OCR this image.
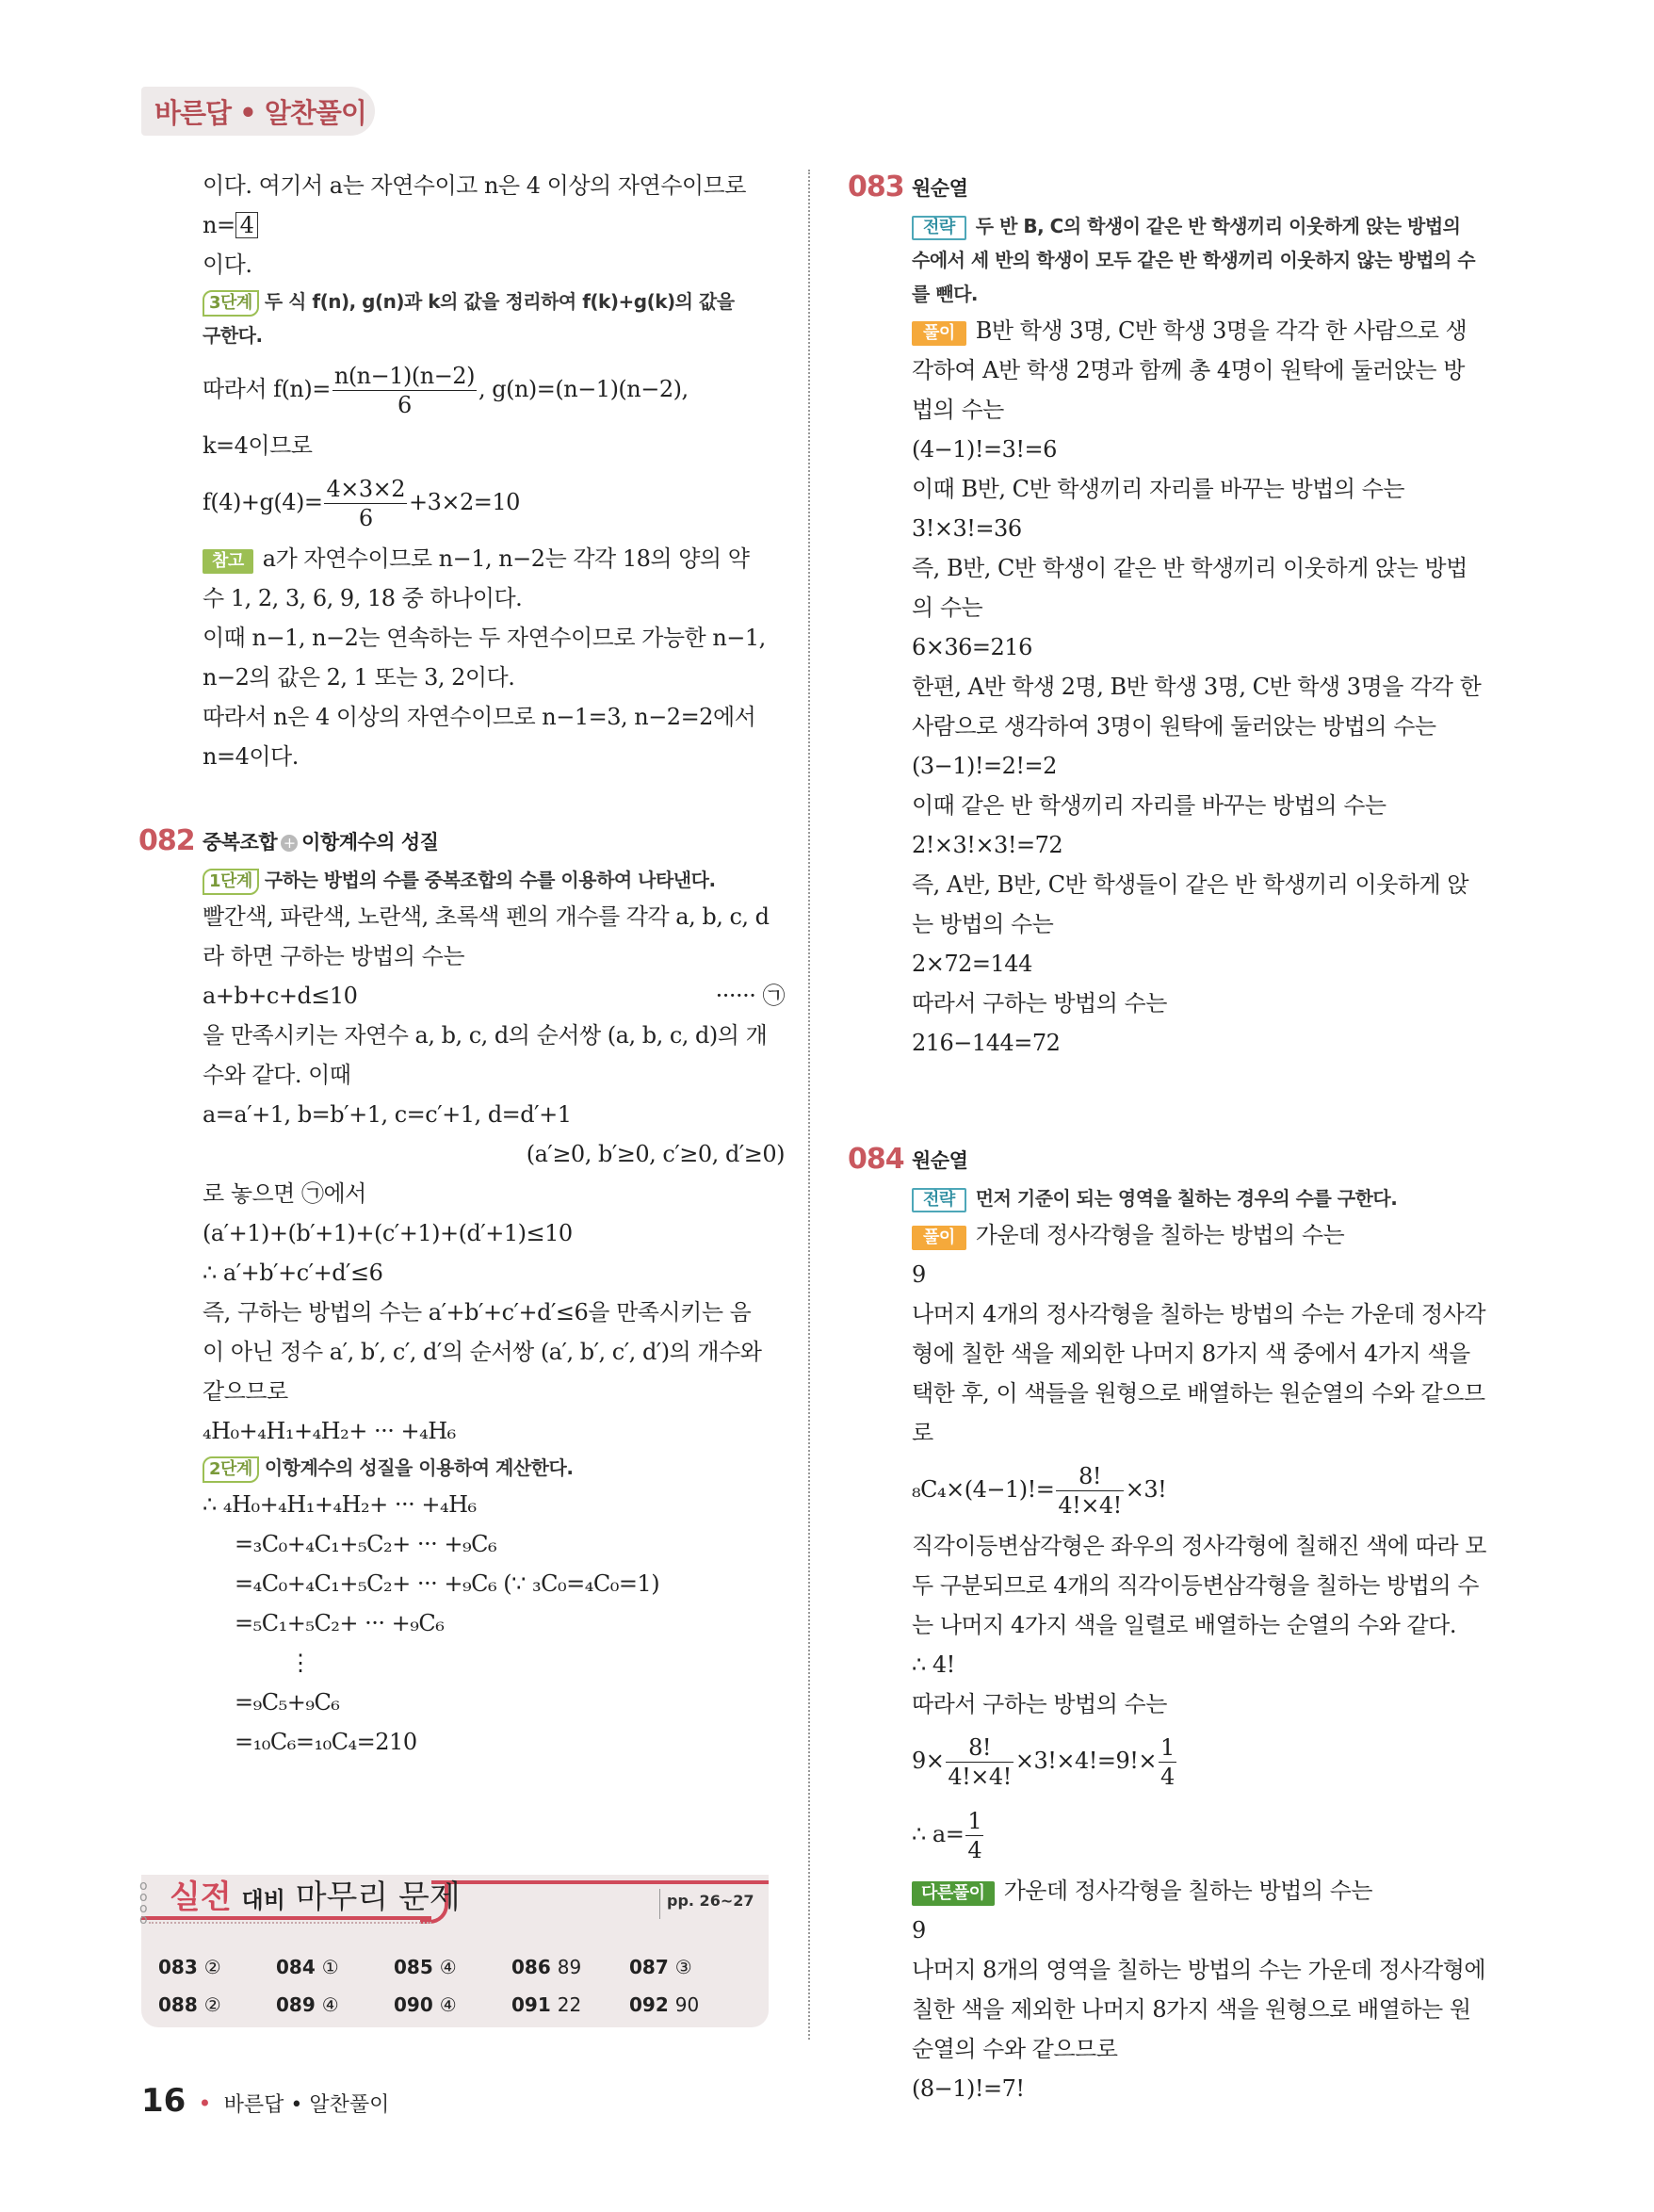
바른답 • 알찬풀이
이다. 여기서 a는 자연수이고 n은 4 이상의 자연수이므로
n= 4
이다.
3단계 두 식 f(n), g(n)과 k의 값을 정리하여 f(k)+g(k)의 값을
구한다.
따라서 $f(n)= \frac{n(n-1)(n-2)}{6}$ , g(n)=(n−1)(n−2),
k=4이므로
$f(4)+g(4)= \frac{4\times 3\times 2}{6} +3\times 2=10$
참고 a가 자연수이므로 n−1, n−2는 각각 18의 양의 약
수 1, 2, 3, 6, 9, 18 중 하나이다.
이때 n−1, n−2는 연속하는 두 자연수이므로 가능한 n−1,
n−2의 값은 2, 1 또는 3, 2이다.
따라서 n은 4 이상의 자연수이므로 n−1=3, n−2=2에서
n=4이다.
082 중복조합 + 이항계수의 성질
1단계 구하는 방법의 수를 중복조합의 수를 이용하여 나타낸다.
빨간색, 파란색, 노란색, 초록색 펜의 개수를 각각 a, b, c, d
라 하면 구하는 방법의 수는
a+b+c+d≤10	······ ㉠
을 만족시키는 자연수 a, b, c, d의 순서쌍 (a, b, c, d)의 개
수와 같다. 이때
a=a′+1, b=b′+1, c=c′+1, d=d′+1
(a′≥0, b′≥0, c′≥0, d′≥0)
로 놓으면 ㉠에서
(a′+1)+(b′+1)+(c′+1)+(d′+1)≤10
∴ a′+b′+c′+d′≤6
즉, 구하는 방법의 수는 a′+b′+c′+d′≤6을 만족시키는 음
이 아닌 정수 a′, b′, c′, d′의 순서쌍 (a′, b′, c′, d′)의 개수와
같으므로
₄H₀+₄H₁+₄H₂+ ··· +₄H₆
2단계 이항계수의 성질을 이용하여 계산한다.
∴ ₄H₀+₄H₁+₄H₂+ ··· +₄H₆
=₃C₀+₄C₁+₅C₂+ ··· +₉C₆
=₄C₀+₄C₁+₅C₂+ ··· +₉C₆ (∵ ₃C₀=₄C₀=1)
=₅C₁+₅C₂+ ··· +₉C₆
⋮
=₉C₅+₉C₆
=₁₀C₆=₁₀C₄=210
083 원순열
전략 두 반 B, C의 학생이 같은 반 학생끼리 이웃하게 앉는 방법의
수에서 세 반의 학생이 모두 같은 반 학생끼리 이웃하지 않는 방법의 수
를 뺀다.
풀이 B반 학생 3명, C반 학생 3명을 각각 한 사람으로 생
각하여 A반 학생 2명과 함께 총 4명이 원탁에 둘러앉는 방
법의 수는
(4−1)!=3!=6
이때 B반, C반 학생끼리 자리를 바꾸는 방법의 수는
3!×3!=36
즉, B반, C반 학생이 같은 반 학생끼리 이웃하게 앉는 방법
의 수는
6×36=216
한편, A반 학생 2명, B반 학생 3명, C반 학생 3명을 각각 한
사람으로 생각하여 3명이 원탁에 둘러앉는 방법의 수는
(3−1)!=2!=2
이때 같은 반 학생끼리 자리를 바꾸는 방법의 수는
2!×3!×3!=72
즉, A반, B반, C반 학생들이 같은 반 학생끼리 이웃하게 앉
는 방법의 수는
2×72=144
따라서 구하는 방법의 수는
216−144=72
084 원순열
전략 먼저 기준이 되는 영역을 칠하는 경우의 수를 구한다.
풀이 가운데 정사각형을 칠하는 방법의 수는
9
나머지 4개의 정사각형을 칠하는 방법의 수는 가운데 정사각
형에 칠한 색을 제외한 나머지 8가지 색 중에서 4가지 색을
택한 후, 이 색들을 원형으로 배열하는 원순열의 수와 같으므
로
$_8C_4\times(4-1)!= \frac{8!}{4!\times 4!} \times 3$!
직각이등변삼각형은 좌우의 정사각형에 칠해진 색에 따라 모
두 구분되므로 4개의 직각이등변삼각형을 칠하는 방법의 수
는 나머지 4가지 색을 일렬로 배열하는 순열의 수와 같다.
∴ 4!
따라서 구하는 방법의 수는
$9\times \frac{8!}{4!\times 4!} \times 3!\times 4!=9!\times \frac{1}{4}$
∴ $a= \frac{1}{4}$
다른풀이 가운데 정사각형을 칠하는 방법의 수는
9
나머지 8개의 영역을 칠하는 방법의 수는 가운데 정사각형에
칠한 색을 제외한 나머지 8가지 색을 원형으로 배열하는 원
순열의 수와 같으므로
(8−1)!=7!
o
o
o
o
실전 대비 마무리 문제	pp. 26~27
083 ②	084 ①	085 ④	086 89	087 ③
088 ②	089 ④	090 ④	091 22	092 90
16 • 바른답 • 알찬풀이
